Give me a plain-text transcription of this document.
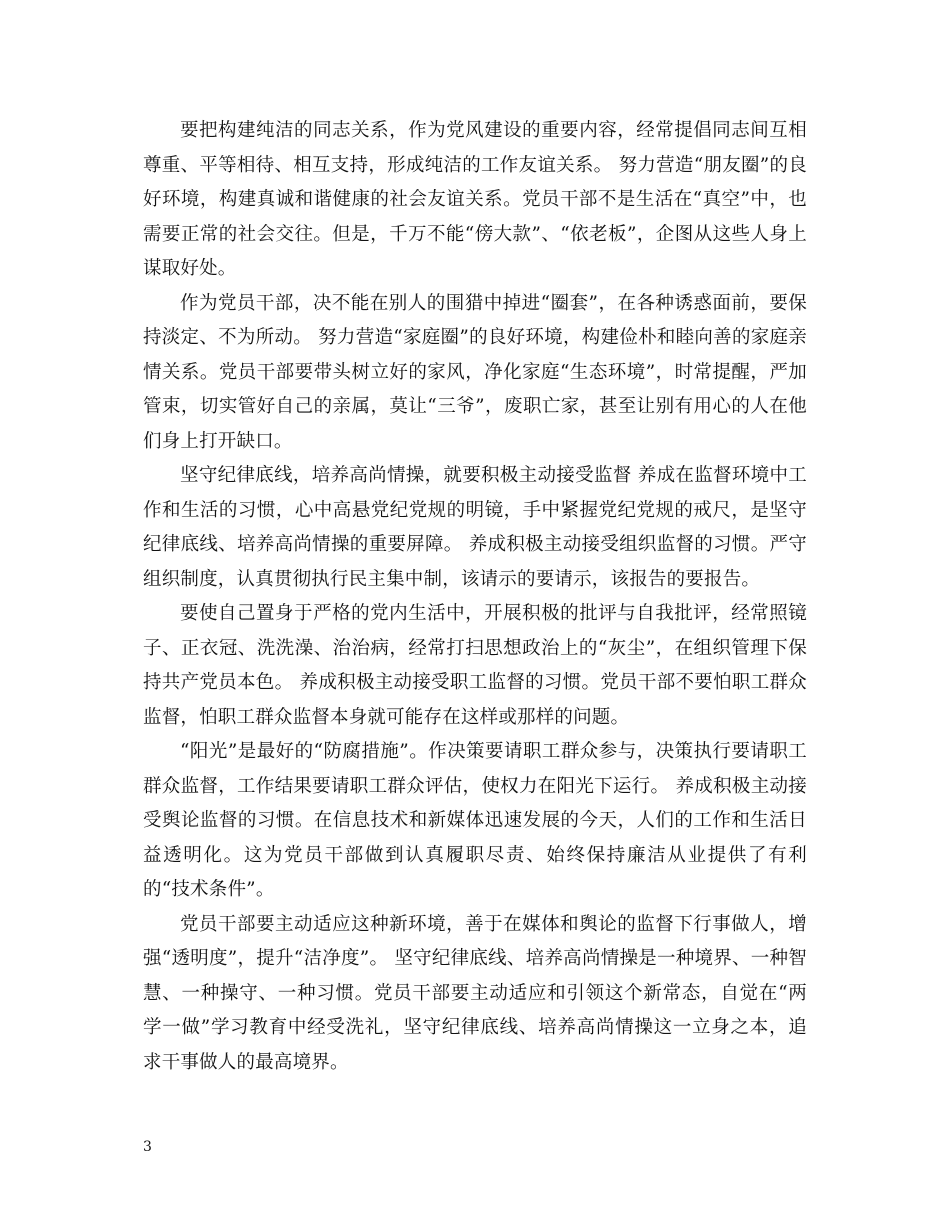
要把构建纯洁的同志关系，作为党风建设的重要内容，经常提倡同志间互相尊重、平等相待、相互支持，形成纯洁的工作友谊关系。 努力营造“朋友圈”的良好环境，构建真诚和谐健康的社会友谊关系。党员干部不是生活在“真空”中，也需要正常的社会交往。但是，千万不能“傍大款”、“依老板”，企图从这些人身上谋取好处。

作为党员干部，决不能在别人的围猎中掉进“圈套”，在各种诱惑面前，要保持淡定、不为所动。 努力营造“家庭圈”的良好环境，构建俭朴和睦向善的家庭亲情关系。党员干部要带头树立好的家风，净化家庭“生态环境”，时常提醒，严加管束，切实管好自己的亲属，莫让“三爷”，废职亡家，甚至让别有用心的人在他们身上打开缺口。

坚守纪律底线，培养高尚情操，就要积极主动接受监督 养成在监督环境中工作和生活的习惯，心中高悬党纪党规的明镜，手中紧握党纪党规的戒尺，是坚守纪律底线、培养高尚情操的重要屏障。 养成积极主动接受组织监督的习惯。严守组织制度，认真贯彻执行民主集中制，该请示的要请示，该报告的要报告。

要使自己置身于严格的党内生活中，开展积极的批评与自我批评，经常照镜子、正衣冠、洗洗澡、治治病，经常打扫思想政治上的“灰尘”，在组织管理下保持共产党员本色。 养成积极主动接受职工监督的习惯。党员干部不要怕职工群众监督，怕职工群众监督本身就可能存在这样或那样的问题。

“阳光”是最好的“防腐措施”。作决策要请职工群众参与，决策执行要请职工群众监督，工作结果要请职工群众评估，使权力在阳光下运行。 养成积极主动接受舆论监督的习惯。在信息技术和新媒体迅速发展的今天，人们的工作和生活日益透明化。这为党员干部做到认真履职尽责、始终保持廉洁从业提供了有利的“技术条件”。

党员干部要主动适应这种新环境，善于在媒体和舆论的监督下行事做人，增强“透明度”，提升“洁净度”。 坚守纪律底线、培养高尚情操是一种境界、一种智慧、一种操守、一种习惯。党员干部要主动适应和引领这个新常态，自觉在“两学一做”学习教育中经受洗礼，坚守纪律底线、培养高尚情操这一立身之本，追求干事做人的最高境界。

3
